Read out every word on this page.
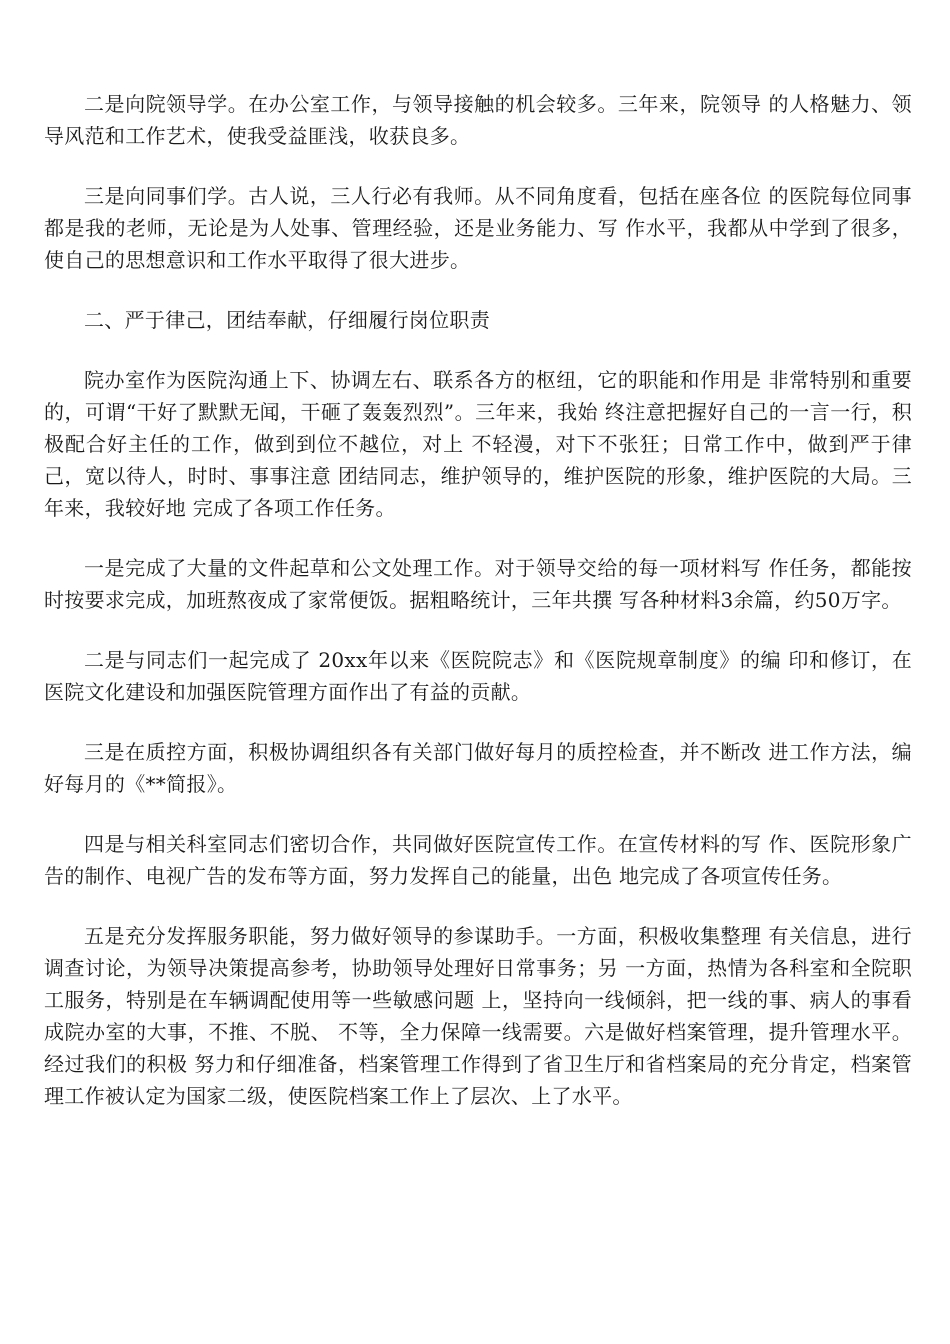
二是向院领导学。在办公室工作，与领导接触的机会较多。三年来，院领导 的人格魅力、领导风范和工作艺术，使我受益匪浅，收获良多。

三是向同事们学。古人说，三人行必有我师。从不同角度看，包括在座各位 的医院每位同事都是我的老师，无论是为人处事、管理经验，还是业务能力、写 作水平，我都从中学到了很多，使自己的思想意识和工作水平取得了很大进步。

二、严于律己，团结奉献，仔细履行岗位职责

院办室作为医院沟通上下、协调左右、联系各方的枢纽，它的职能和作用是 非常特别和重要的，可谓“干好了默默无闻，干砸了轰轰烈烈”。三年来，我始 终注意把握好自己的一言一行，积极配合好主任的工作，做到到位不越位，对上 不轻漫，对下不张狂；日常工作中，做到严于律己，宽以待人，时时、事事注意 团结同志，维护领导的，维护医院的形象，维护医院的大局。三年来，我较好地 完成了各项工作任务。

一是完成了大量的文件起草和公文处理工作。对于领导交给的每一项材料写 作任务，都能按时按要求完成，加班熬夜成了家常便饭。据粗略统计，三年共撰 写各种材料3余篇，约50万字。

二是与同志们一起完成了 20xx年以来《医院院志》和《医院规章制度》的编 印和修订，在医院文化建设和加强医院管理方面作出了有益的贡献。

三是在质控方面，积极协调组织各有关部门做好每月的质控检查，并不断改 进工作方法，编好每月的《**简报》。

四是与相关科室同志们密切合作，共同做好医院宣传工作。在宣传材料的写 作、医院形象广告的制作、电视广告的发布等方面，努力发挥自己的能量，出色 地完成了各项宣传任务。

五是充分发挥服务职能，努力做好领导的参谋助手。一方面，积极收集整理 有关信息，进行调查讨论，为领导决策提高参考，协助领导处理好日常事务；另 一方面，热情为各科室和全院职工服务，特别是在车辆调配使用等一些敏感问题 上，坚持向一线倾斜，把一线的事、病人的事看成院办室的大事，不推、不脱、 不等，全力保障一线需要。六是做好档案管理，提升管理水平。经过我们的积极 努力和仔细准备，档案管理工作得到了省卫生厅和省档案局的充分肯定，档案管 理工作被认定为国家二级，使医院档案工作上了层次、上了水平。
